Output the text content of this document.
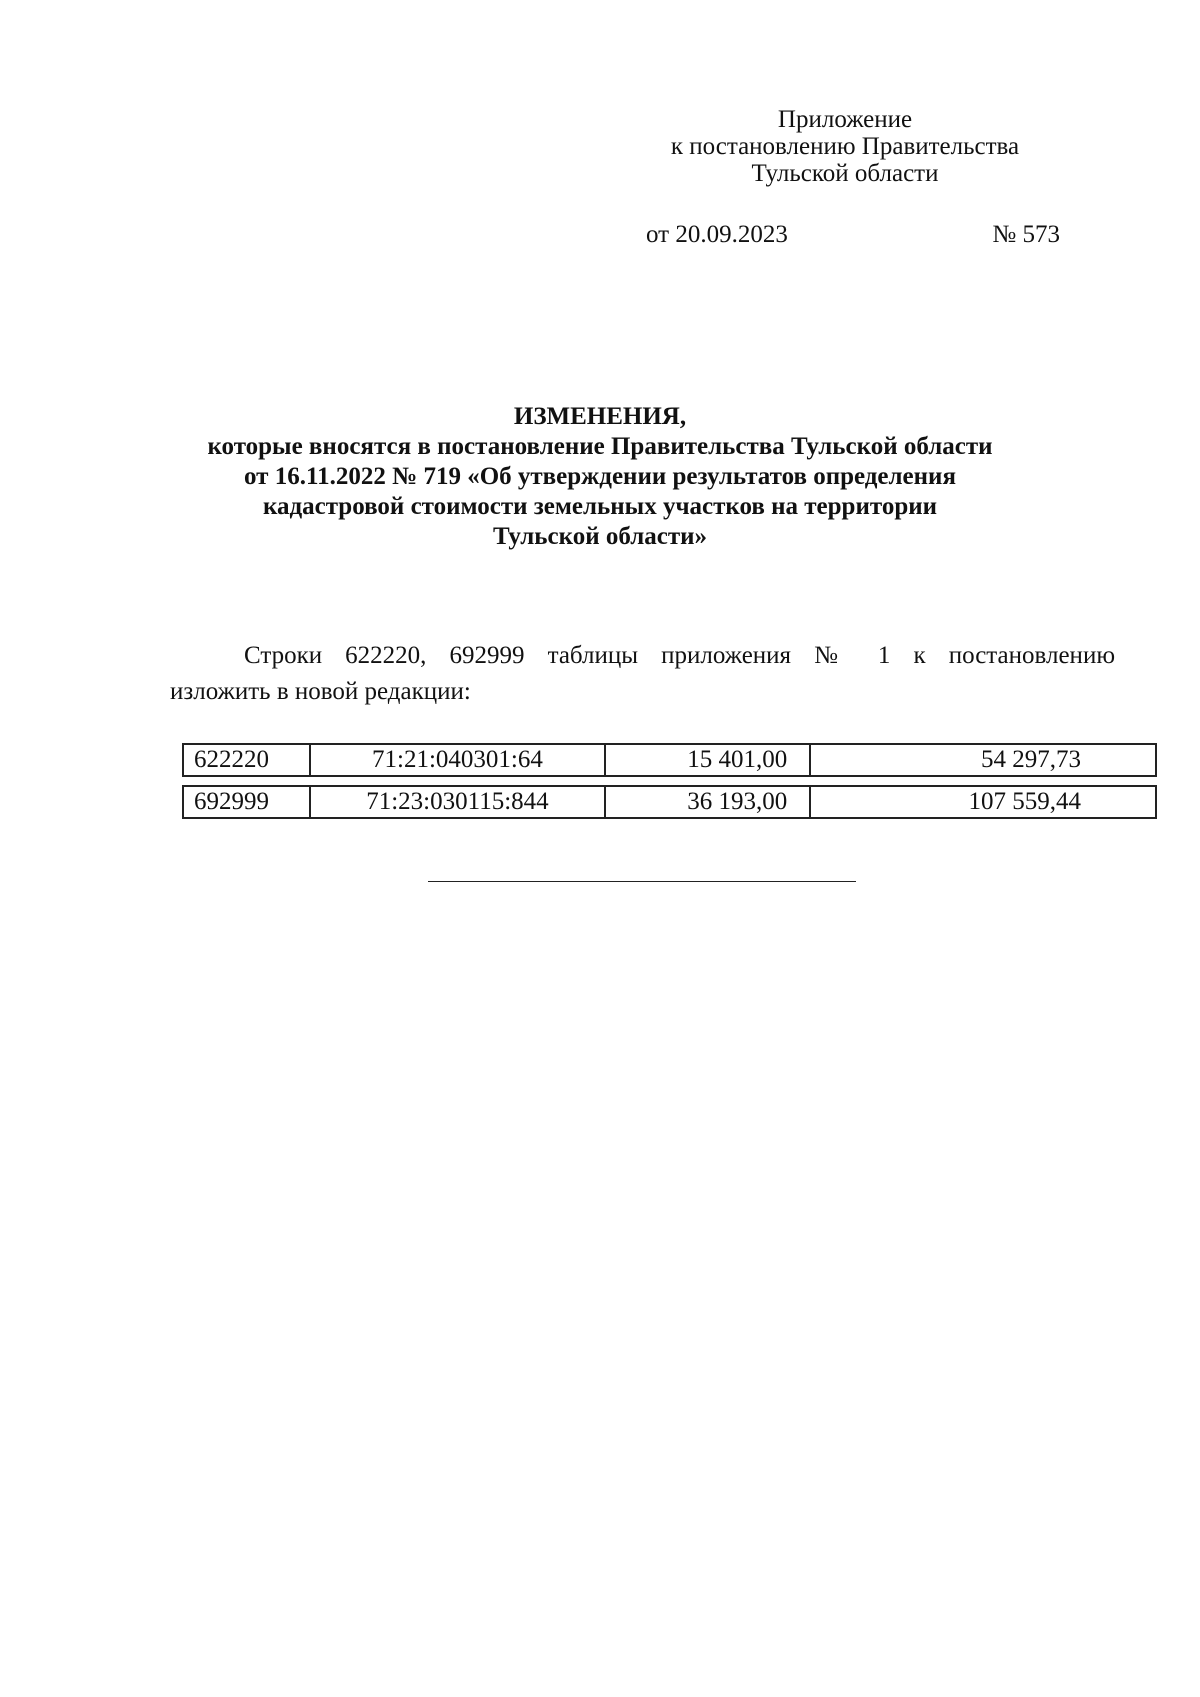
Приложение
к постановлению Правительства
Тульской области
от 20.09.2023	№ 573
ИЗМЕНЕНИЯ,
которые вносятся в постановление Правительства Тульской области
от 16.11.2022 № 719 «Об утверждении результатов определения
кадастровой стоимости земельных участков на территории
Тульской области»
Строки 622220, 692999 таблицы приложения № 1 к постановлению
изложить в новой редакции:
622220	71:21:040301:64	15 401,00	54 297,73
692999	71:23:030115:844	36 193,00	107 559,44
